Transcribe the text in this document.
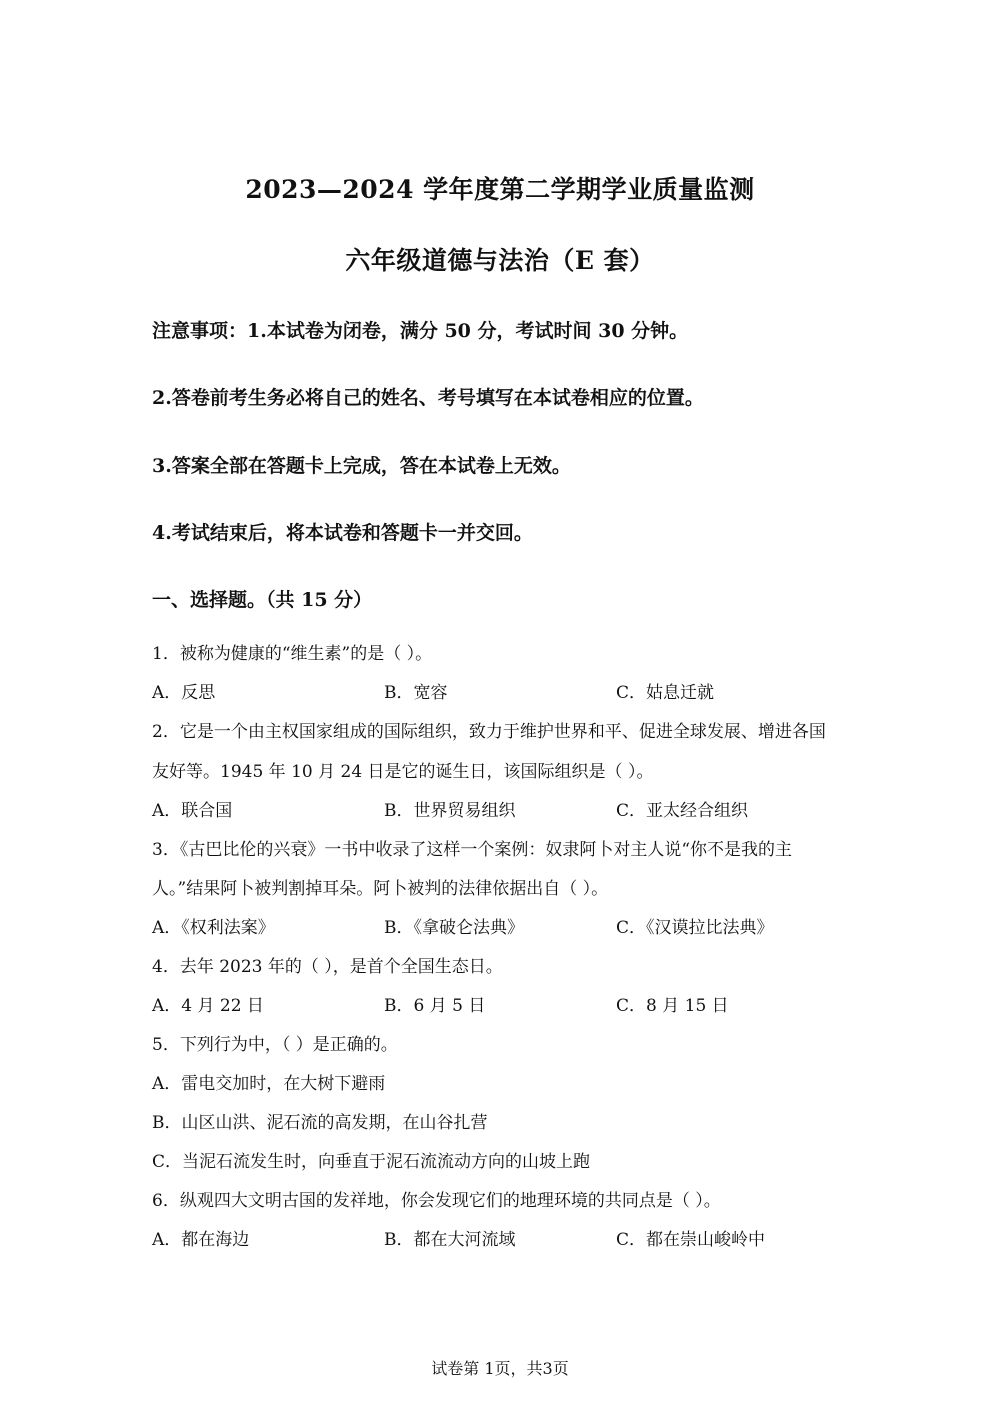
2023—2024 学年度第二学期学业质量监测
六年级道德与法治（E 套）
注意事项：1.本试卷为闭卷，满分 50 分，考试时间 30 分钟。
2.答卷前考生务必将自己的姓名、考号填写在本试卷相应的位置。
3.答案全部在答题卡上完成，答在本试卷上无效。
4.考试结束后，将本试卷和答题卡一并交回。
一、选择题。（共 15 分）
1．被称为健康的“维生素”的是（ ）。
A．反思	B．宽容	C．姑息迁就
2．它是一个由主权国家组成的国际组织，致力于维护世界和平、促进全球发展、增进各国
友好等。1945 年 10 月 24 日是它的诞生日，该国际组织是（ ）。
A．联合国	B．世界贸易组织	C．亚太经合组织
3．《古巴比伦的兴衰》一书中收录了这样一个案例：奴隶阿卜对主人说“你不是我的主
人。”结果阿卜被判割掉耳朵。阿卜被判的法律依据出自（ ）。
A．《权利法案》	B．《拿破仑法典》	C．《汉谟拉比法典》
4．去年 2023 年的（ ），是首个全国生态日。
A．4 月 22 日	B．6 月 5 日	C．8 月 15 日
5．下列行为中，（ ）是正确的。
A．雷电交加时，在大树下避雨
B．山区山洪、泥石流的高发期，在山谷扎营
C．当泥石流发生时，向垂直于泥石流流动方向的山坡上跑
6．纵观四大文明古国的发祥地，你会发现它们的地理环境的共同点是（ ）。
A．都在海边	B．都在大河流域	C．都在崇山峻岭中
试卷第 1页，共3页
